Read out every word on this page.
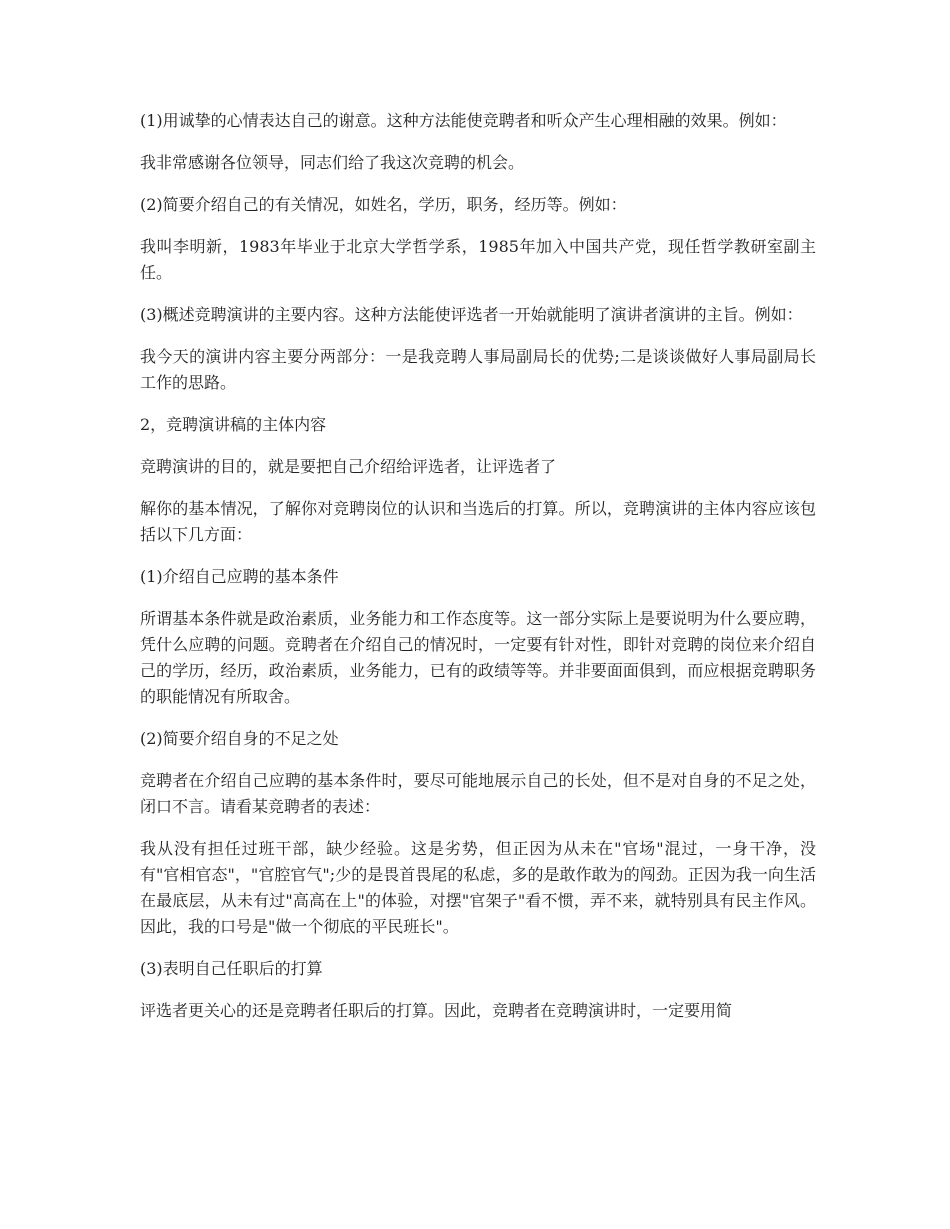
(1)用诚挚的心情表达自己的谢意。这种方法能使竞聘者和听众产生心理相融的效果。例如：

我非常感谢各位领导，同志们给了我这次竞聘的机会。

(2)简要介绍自己的有关情况，如姓名，学历，职务，经历等。例如：

我叫李明新，1983年毕业于北京大学哲学系，1985年加入中国共产党，现任哲学教研室副主任。

(3)概述竞聘演讲的主要内容。这种方法能使评选者一开始就能明了演讲者演讲的主旨。例如：

我今天的演讲内容主要分两部分：一是我竞聘人事局副局长的优势;二是谈谈做好人事局副局长工作的思路。

2，竞聘演讲稿的主体内容

竞聘演讲的目的，就是要把自己介绍给评选者，让评选者了

解你的基本情况，了解你对竞聘岗位的认识和当选后的打算。所以，竞聘演讲的主体内容应该包括以下几方面：

(1)介绍自己应聘的基本条件

所谓基本条件就是政治素质，业务能力和工作态度等。这一部分实际上是要说明为什么要应聘，凭什么应聘的问题。竞聘者在介绍自己的情况时，一定要有针对性，即针对竞聘的岗位来介绍自己的学历，经历，政治素质，业务能力，已有的政绩等等。并非要面面俱到，而应根据竞聘职务的职能情况有所取舍。

(2)简要介绍自身的不足之处

竞聘者在介绍自己应聘的基本条件时，要尽可能地展示自己的长处，但不是对自身的不足之处，闭口不言。请看某竞聘者的表述：

我从没有担任过班干部，缺少经验。这是劣势，但正因为从未在"官场"混过，一身干净，没有"官相官态"，"官腔官气";少的是畏首畏尾的私虑，多的是敢作敢为的闯劲。正因为我一向生活在最底层，从未有过"高高在上"的体验，对摆"官架子"看不惯，弄不来，就特别具有民主作风。因此，我的口号是"做一个彻底的平民班长"。

(3)表明自己任职后的打算

评选者更关心的还是竞聘者任职后的打算。因此，竞聘者在竞聘演讲时，一定要用简
